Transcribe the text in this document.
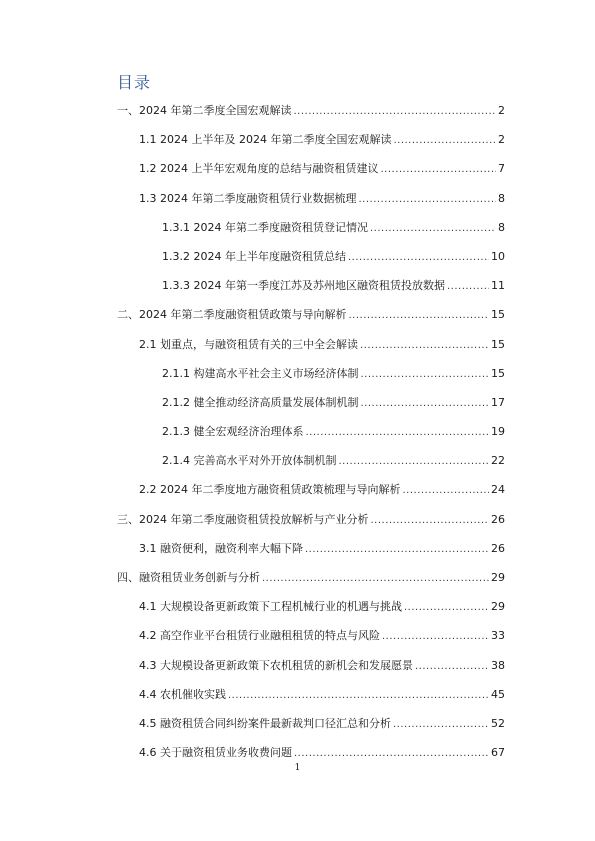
目录
一、2024 年第二季度全国宏观解读 .....	2
1.1 2024 上半年及 2024 年第二季度全国宏观解读 .....	2
1.2 2024 上半年宏观角度的总结与融资租赁建议 .....	7
1.3 2024 年第二季度融资租赁行业数据梳理 .....	8
1.3.1 2024 年第二季度融资租赁登记情况 .....	8
1.3.2 2024 年上半年度融资租赁总结 .....	10
1.3.3 2024 年第一季度江苏及苏州地区融资租赁投放数据 .....	11
二、2024 年第二季度融资租赁政策与导向解析 .....	15
2.1 划重点，与融资租赁有关的三中全会解读 .....	15
2.1.1 构建高水平社会主义市场经济体制 .....	15
2.1.2 健全推动经济高质量发展体制机制 .....	17
2.1.3 健全宏观经济治理体系 .....	19
2.1.4 完善高水平对外开放体制机制 .....	22
2.2 2024 年二季度地方融资租赁政策梳理与导向解析 .....	24
三、2024 年第二季度融资租赁投放解析与产业分析 .....	26
3.1 融资便利，融资利率大幅下降 .....	26
四、融资租赁业务创新与分析 .....	29
4.1 大规模设备更新政策下工程机械行业的机遇与挑战 .....	29
4.2 高空作业平台租赁行业融租租赁的特点与风险 .....	33
4.3 大规模设备更新政策下农机租赁的新机会和发展愿景 .....	38
4.4 农机催收实践 .....	45
4.5 融资租赁合同纠纷案件最新裁判口径汇总和分析 .....	52
4.6 关于融资租赁业务收费问题 .....	67
1
